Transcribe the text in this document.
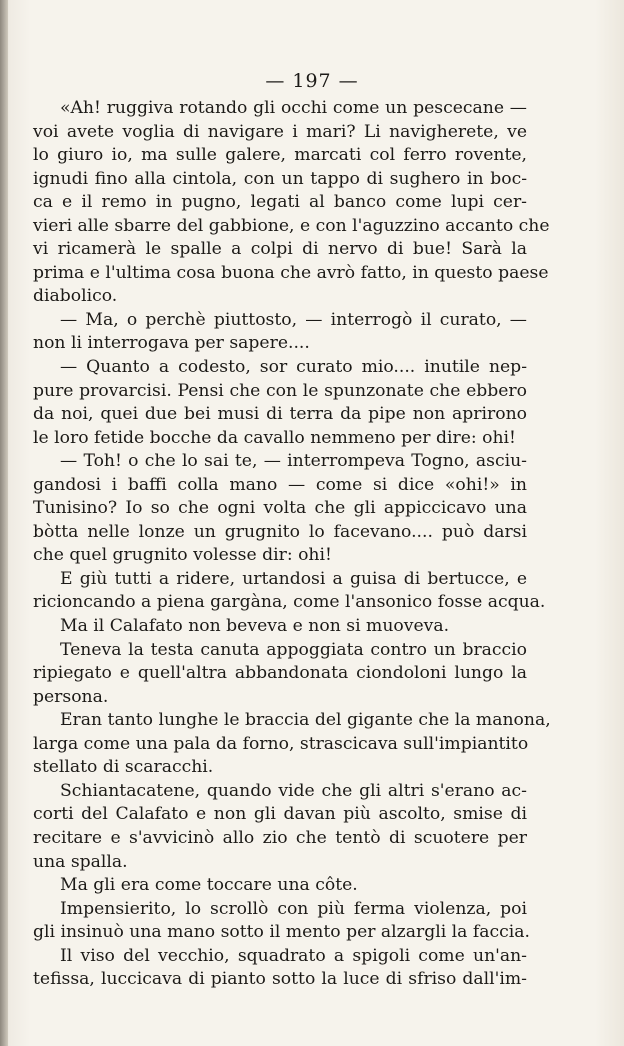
— 197 —
«Ah! ruggiva rotando gli occhi come un pescecane —
voi avete voglia di navigare i mari? Li navigherete, ve
lo giuro io, ma sulle galere, marcati col ferro rovente,
ignudi fino alla cintola, con un tappo di sughero in boc-
ca e il remo in pugno, legati al banco come lupi cer-
vieri alle sbarre del gabbione, e con l'aguzzino accanto che
vi ricamerà le spalle a colpi di nervo di bue! Sarà la
prima e l'ultima cosa buona che avrò fatto, in questo paese
diabolico.
— Ma, o perchè piuttosto, — interrogò il curato, —
non li interrogava per sapere....
— Quanto a codesto, sor curato mio.... inutile nep-
pure provarcisi. Pensi che con le spunzonate che ebbero
da noi, quei due bei musi di terra da pipe non aprirono
le loro fetide bocche da cavallo nemmeno per dire: ohi!
— Toh! o che lo sai te, — interrompeva Togno, asciu-
gandosi i baffi colla mano — come si dice «ohi!» in
Tunisino? Io so che ogni volta che gli appiccicavo una
bòtta nelle lonze un grugnito lo facevano.... può darsi
che quel grugnito volesse dir: ohi!
E giù tutti a ridere, urtandosi a guisa di bertucce, e
ricioncando a piena gargàna, come l'ansonico fosse acqua.
Ma il Calafato non beveva e non si muoveva.
Teneva la testa canuta appoggiata contro un braccio
ripiegato e quell'altra abbandonata ciondoloni lungo la
persona.
Eran tanto lunghe le braccia del gigante che la manona,
larga come una pala da forno, strascicava sull'impiantito
stellato di scaracchi.
Schiantacatene, quando vide che gli altri s'erano ac-
corti del Calafato e non gli davan più ascolto, smise di
recitare e s'avvicinò allo zio che tentò di scuotere per
una spalla.
Ma gli era come toccare una côte.
Impensierito, lo scrollò con più ferma violenza, poi
gli insinuò una mano sotto il mento per alzargli la faccia.
Il viso del vecchio, squadrato a spigoli come un'an-
tefissa, luccicava di pianto sotto la luce di sfriso dall'im-
